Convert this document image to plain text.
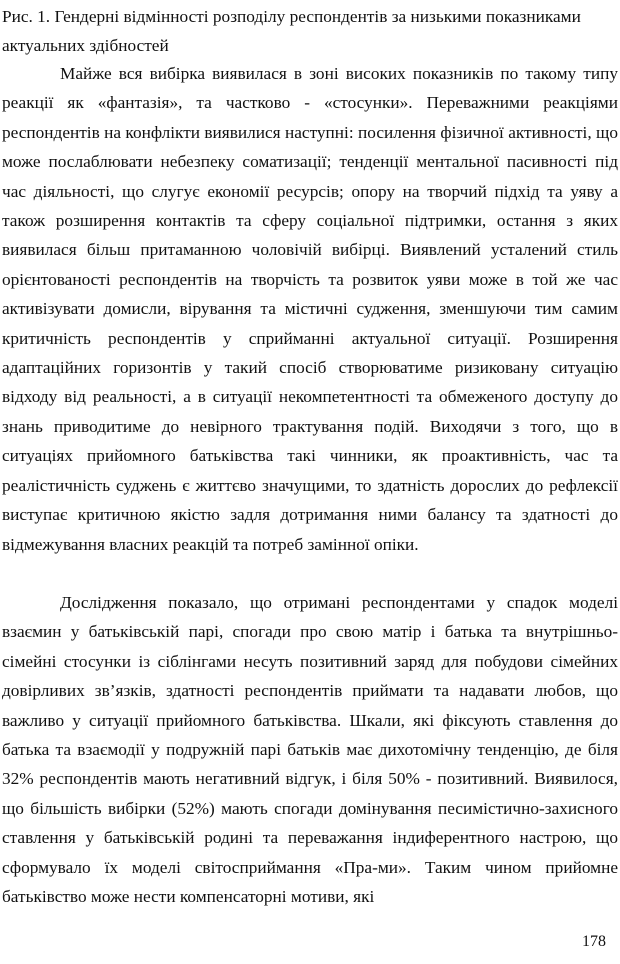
Рис. 1. Гендерні відмінності розподілу респондентів за низькими показниками актуальних здібностей

Майже вся вибірка виявилася в зоні високих показників по такому типу реакції як «фантазія», та частково - «стосунки». Переважними реакціями респондентів на конфлікти виявилися наступні: посилення фізичної активності, що може послаблювати небезпеку соматизації; тенденції ментальної пасивності під час діяльності, що слугує економії ресурсів; опору на творчий підхід та уяву а також розширення контактів та сферу соціальної підтримки, остання з яких виявилася більш притаманною чоловічій вибірці. Виявлений усталений стиль орієнтованості респондентів на творчість та розвиток уяви може в той же час активізувати домисли, вірування та містичні судження, зменшуючи тим самим критичність респондентів у сприйманні актуальної ситуації. Розширення адаптаційних горизонтів у такий спосіб створюватиме ризиковану ситуацію відходу від реальності, а в ситуації некомпетентності та обмеженого доступу до знань приводитиме до невірного трактування подій. Виходячи з того, що в ситуаціях прийомного батьківства такі чинники, як проактивність, час та реалістичність суджень є життєво значущими, то здатність дорослих до рефлексії виступає критичною якістю задля дотримання ними балансу та здатності до відмежування власних реакцій та потреб замінної опіки.

Дослідження показало, що отримані респондентами у спадок моделі взаємин у батьківській парі, спогади про свою матір і батька та внутрішньо-сімейні стосунки із сіблінгами несуть позитивний заряд для побудови сімейних довірливих зв’язків, здатності респондентів приймати та надавати любов, що важливо у ситуації прийомного батьківства. Шкали, які фіксують ставлення до батька та взаємодії у подружній парі батьків має дихотомічну тенденцію, де біля 32% респондентів мають негативний відгук, і біля 50% - позитивний. Виявилося, що більшість вибірки (52%) мають спогади домінування песимістично-захисного ставлення у батьківській родині та переважання індиферентного настрою, що сформувало їх моделі світосприймання «Пра-ми». Таким чином прийомне батьківство може нести компенсаторні мотиви, які

178
